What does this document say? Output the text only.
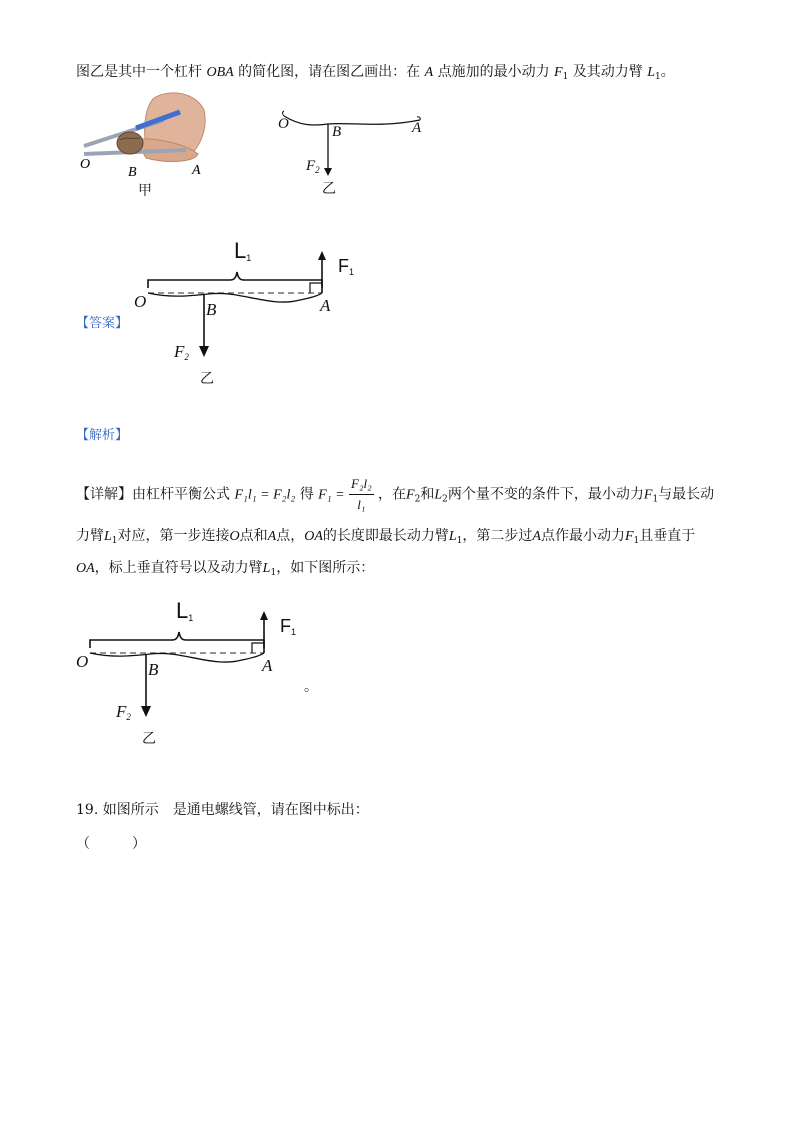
图乙是其中一个杠杆 OBA 的简化图，请在图乙画出：在 A 点施加的最小动力 $F_1$ 及其动力臂 $L_1$。
O
B	A
甲
O	B	A
$F_2$
乙
【答案】
$L_1$	$F_1$
O	B	A
$F_2$
乙
【解析】
【详解】由杠杆平衡公式 F₁l₁ = F₂l₂ 得 $F_1 = \frac{\text{F₂l₂}}{\text{l₁}}$ ，在$F_2$和$L_2$两个量不变的条件下，最小动力$F_1$与最长动
力臂$L_1$对应，第一步连接O点和A点，OA的长度即最长动力臂$L_1$，第二步过A点作最小动力$F_1$且垂直于
OA，标上垂直符号以及动力臂$L_1$，如下图所示：
$L_1$	$F_1$
O	B	A
$F_2$
乙
。
19. 如图所示　是通电螺线管，请在图中标出：
（　　　）
